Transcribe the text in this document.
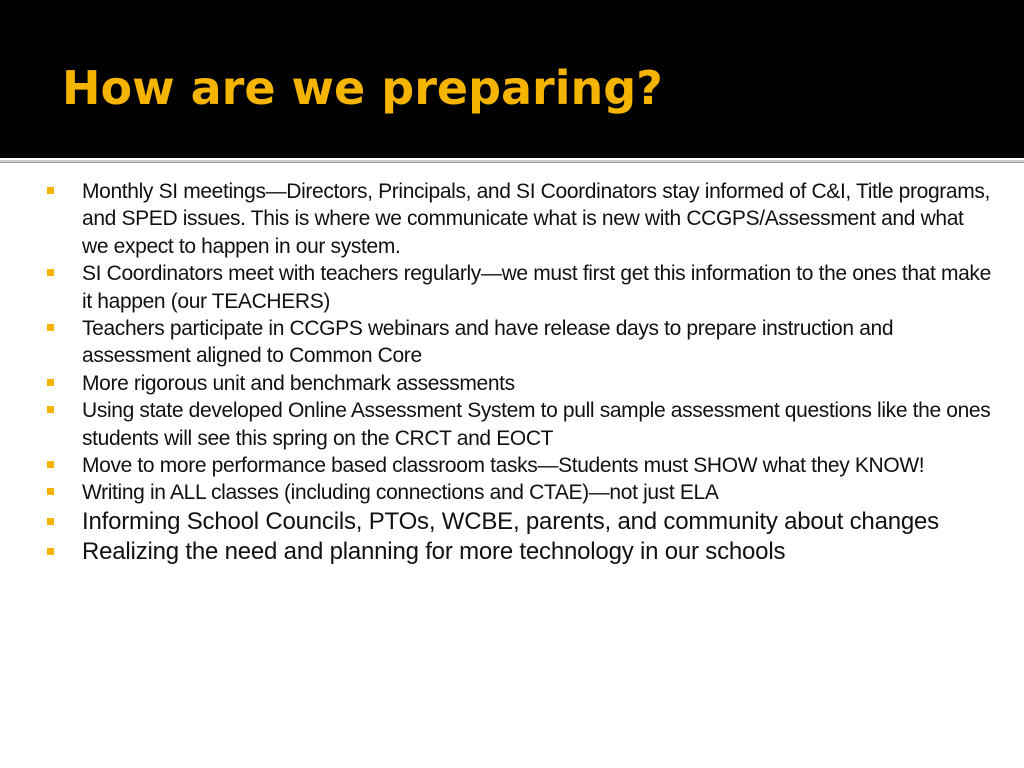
How are we preparing?
Monthly SI meetings—Directors, Principals, and SI Coordinators stay informed of C&I, Title programs, and SPED issues. This is where we communicate what is new with CCGPS/Assessment and what we expect to happen in our system.
SI Coordinators meet with teachers regularly—we must first get this information to the ones that make it happen (our TEACHERS)
Teachers participate in CCGPS webinars and have release days to prepare instruction and assessment aligned to Common Core
More rigorous unit and benchmark assessments
Using state developed Online Assessment System to pull sample assessment questions like the ones students will see this spring on the CRCT and EOCT
Move to more performance based classroom tasks—Students must SHOW what they KNOW!
Writing in ALL classes (including connections and CTAE)—not just ELA
Informing School Councils, PTOs, WCBE, parents, and community about changes
Realizing the need and planning for more technology in our schools
